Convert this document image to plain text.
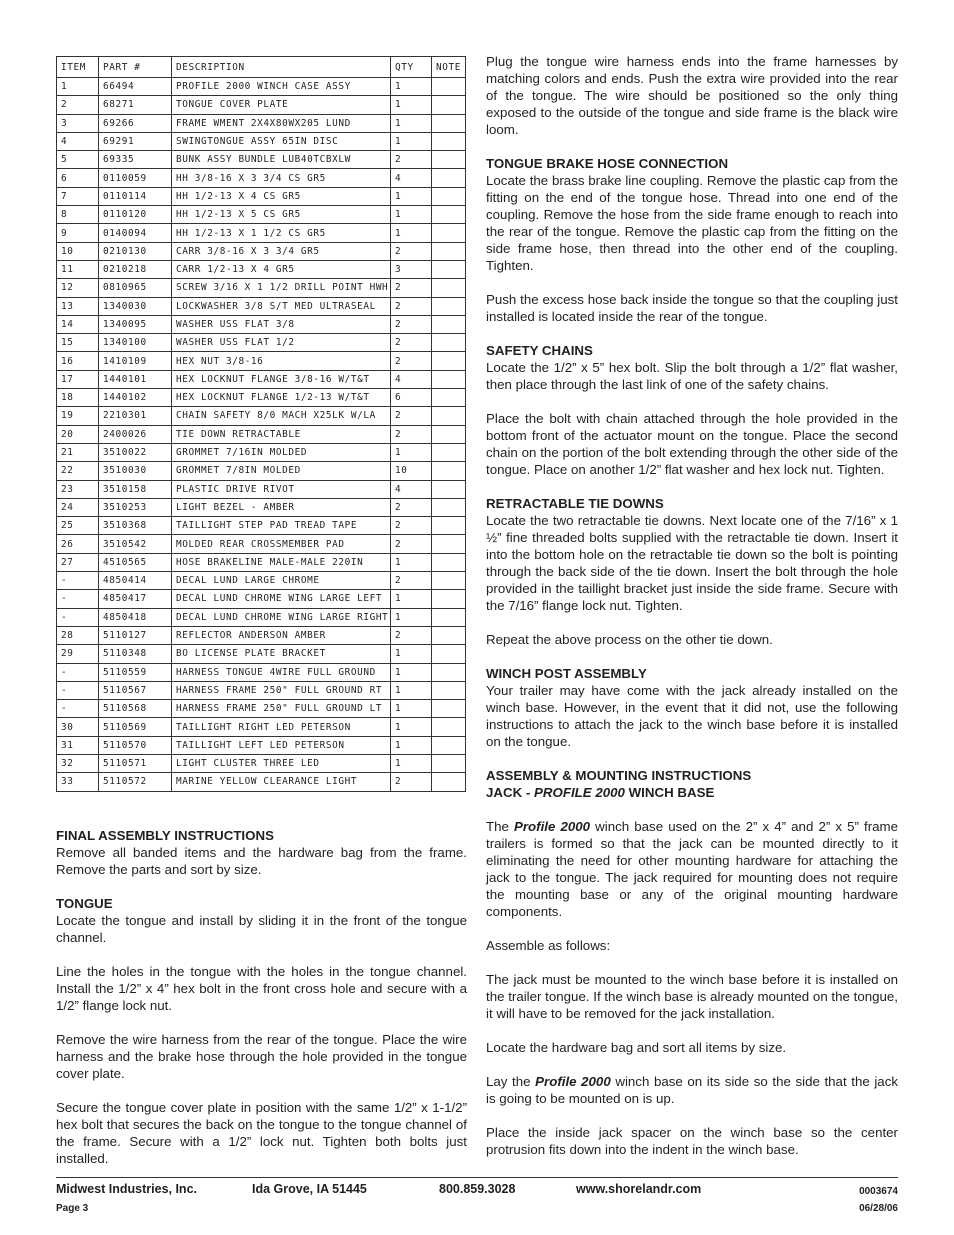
ITEM	PART #	DESCRIPTION	QTY	NOTE
1	66494	PROFILE 2000 WINCH CASE ASSY	1	
2	68271	TONGUE COVER PLATE	1	
3	69266	FRAME WMENT 2X4X80WX205 LUND	1	
4	69291	SWINGTONGUE ASSY 65IN DISC	1	
5	69335	BUNK ASSY BUNDLE LUB40TCBXLW	2	
6	0110059	HH 3/8-16 X 3 3/4 CS GR5	4	
7	0110114	HH 1/2-13 X 4 CS GR5	1	
8	0110120	HH 1/2-13 X 5 CS GR5	1	
9	0140094	HH 1/2-13 X 1 1/2 CS GR5	1	
10	0210130	CARR 3/8-16 X 3 3/4 GR5	2	
11	0210218	CARR 1/2-13 X 4 GR5	3	
12	0810965	SCREW 3/16 X 1 1/2 DRILL POINT HWH	2	
13	1340030	LOCKWASHER 3/8 S/T MED ULTRASEAL	2	
14	1340095	WASHER USS FLAT 3/8	2	
15	1340100	WASHER USS FLAT 1/2	2	
16	1410109	HEX NUT 3/8-16	2	
17	1440101	HEX LOCKNUT FLANGE 3/8-16 W/T&T	4	
18	1440102	HEX LOCKNUT FLANGE 1/2-13 W/T&T	6	
19	2210301	CHAIN SAFETY 8/0 MACH X25LK W/LA	2	
20	2400026	TIE DOWN RETRACTABLE	2	
21	3510022	GROMMET 7/16IN MOLDED	1	
22	3510030	GROMMET 7/8IN MOLDED	10	
23	3510158	PLASTIC DRIVE RIVOT	4	
24	3510253	LIGHT BEZEL - AMBER	2	
25	3510368	TAILLIGHT STEP PAD TREAD TAPE	2	
26	3510542	MOLDED REAR CROSSMEMBER PAD	2	
27	4510565	HOSE BRAKELINE MALE-MALE 220IN	1	
-	4850414	DECAL LUND LARGE CHROME	2	
-	4850417	DECAL LUND CHROME WING LARGE LEFT	1	
-	4850418	DECAL LUND CHROME WING LARGE RIGHT	1	
28	5110127	REFLECTOR ANDERSON AMBER	2	
29	5110348	BO LICENSE PLATE BRACKET	1	
-	5110559	HARNESS TONGUE 4WIRE FULL GROUND	1	
-	5110567	HARNESS FRAME 250" FULL GROUND RT	1	
-	5110568	HARNESS FRAME 250" FULL GROUND LT	1	
30	5110569	TAILLIGHT RIGHT LED PETERSON	1	
31	5110570	TAILLIGHT LEFT LED PETERSON	1	
32	5110571	LIGHT CLUSTER THREE LED	1	
33	5110572	MARINE YELLOW CLEARANCE LIGHT	2	
FINAL ASSEMBLY INSTRUCTIONS

Remove all banded items and the hardware bag from the frame. Remove the parts and sort by size.

TONGUE

Locate the tongue and install by sliding it in the front of the tongue channel.

Line the holes in the tongue with the holes in the tongue channel. Install the 1/2” x 4” hex bolt in the front cross hole and secure with a 1/2” flange lock nut.

Remove the wire harness from the rear of the tongue. Place the wire harness and the brake hose through the hole provided in the tongue cover plate.

Secure the tongue cover plate in position with the same 1/2” x 1-1/2” hex bolt that secures the back on the tongue to the tongue channel of the frame. Secure with a 1/2” lock nut. Tighten both bolts just installed.

Plug the tongue wire harness ends into the frame harnesses by matching colors and ends. Push the extra wire provided into the rear of the tongue. The wire should be positioned so the only thing exposed to the outside of the tongue and side frame is the black wire loom.

TONGUE BRAKE HOSE CONNECTION

Locate the brass brake line coupling. Remove the plastic cap from the fitting on the end of the tongue hose. Thread into one end of the coupling. Remove the hose from the side frame enough to reach into the rear of the tongue. Remove the plastic cap from the fitting on the side frame hose, then thread into the other end of the coupling. Tighten.

Push the excess hose back inside the tongue so that the coupling just installed is located inside the rear of the tongue.

SAFETY CHAINS

Locate the 1/2” x 5” hex bolt. Slip the bolt through a 1/2” flat washer, then place through the last link of one of the safety chains.

Place the bolt with chain attached through the hole provided in the bottom front of the actuator mount on the tongue. Place the second chain on the portion of the bolt extending through the other side of the tongue. Place on another 1/2” flat washer and hex lock nut. Tighten.

RETRACTABLE TIE DOWNS

Locate the two retractable tie downs. Next locate one of the 7/16” x 1 ½” fine threaded bolts supplied with the retractable tie down. Insert it into the bottom hole on the retractable tie down so the bolt is pointing through the back side of the tie down. Insert the bolt through the hole provided in the taillight bracket just inside the side frame. Secure with the 7/16” flange lock nut. Tighten.

Repeat the above process on the other tie down.

WINCH POST ASSEMBLY

Your trailer may have come with the jack already installed on the winch base. However, in the event that it did not, use the following instructions to attach the jack to the winch base before it is installed on the tongue.

ASSEMBLY & MOUNTING INSTRUCTIONS
JACK - PROFILE 2000 WINCH BASE

The Profile 2000 winch base used on the 2” x 4” and 2” x 5” frame trailers is formed so that the jack can be mounted directly to it eliminating the need for other mounting hardware for attaching the jack to the tongue. The jack required for mounting does not require the mounting base or any of the original mounting hardware components.

Assemble as follows:

The jack must be mounted to the winch base before it is installed on the trailer tongue. If the winch base is already mounted on the tongue, it will have to be removed for the jack installation.

Locate the hardware bag and sort all items by size.

Lay the Profile 2000 winch base on its side so the side that the jack is going to be mounted on is up.

Place the inside jack spacer on the winch base so the center protrusion fits down into the indent in the winch base.

Midwest Industries, Inc.	Ida Grove, IA 51445	800.859.3028	www.shorelandr.com
Page 3
0003674
06/28/06
